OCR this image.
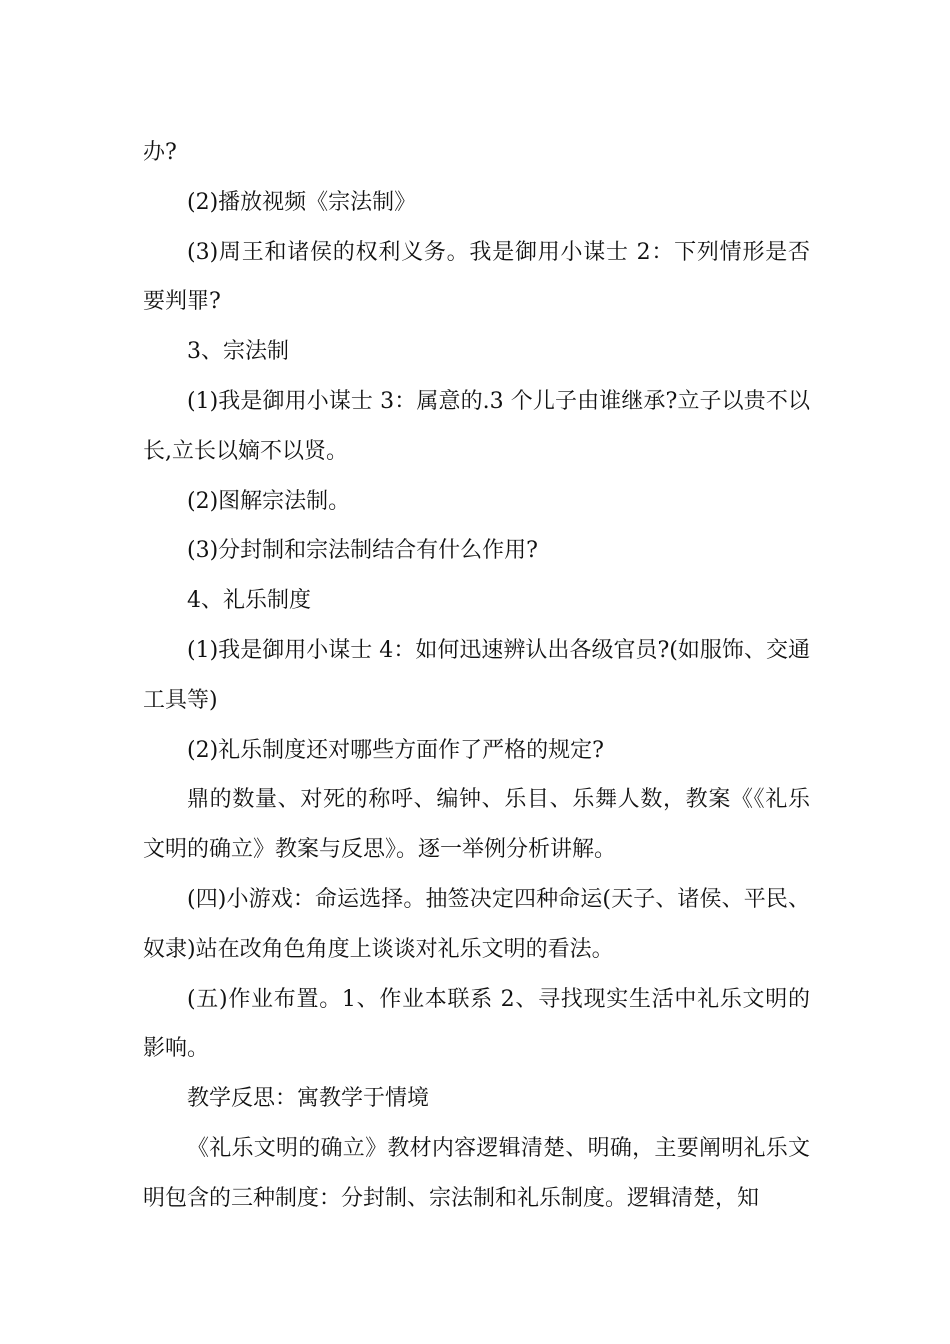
办?

(2)播放视频《宗法制》

(3)周王和诸侯的权利义务。我是御用小谋士 2：下列情形是否要判罪?

3、宗法制

(1)我是御用小谋士 3：属意的.3 个儿子由谁继承?立子以贵不以长,立长以嫡不以贤。

(2)图解宗法制。

(3)分封制和宗法制结合有什么作用?

4、礼乐制度

(1)我是御用小谋士 4：如何迅速辨认出各级官员?(如服饰、交通工具等)

(2)礼乐制度还对哪些方面作了严格的规定?

鼎的数量、对死的称呼、编钟、乐目、乐舞人数，教案《《礼乐文明的确立》教案与反思》。逐一举例分析讲解。

(四)小游戏：命运选择。抽签决定四种命运(天子、诸侯、平民、奴隶)站在改角色角度上谈谈对礼乐文明的看法。

(五)作业布置。1、作业本联系 2、寻找现实生活中礼乐文明的影响。

教学反思：寓教学于情境

《礼乐文明的确立》教材内容逻辑清楚、明确，主要阐明礼乐文明包含的三种制度：分封制、宗法制和礼乐制度。逻辑清楚，知
